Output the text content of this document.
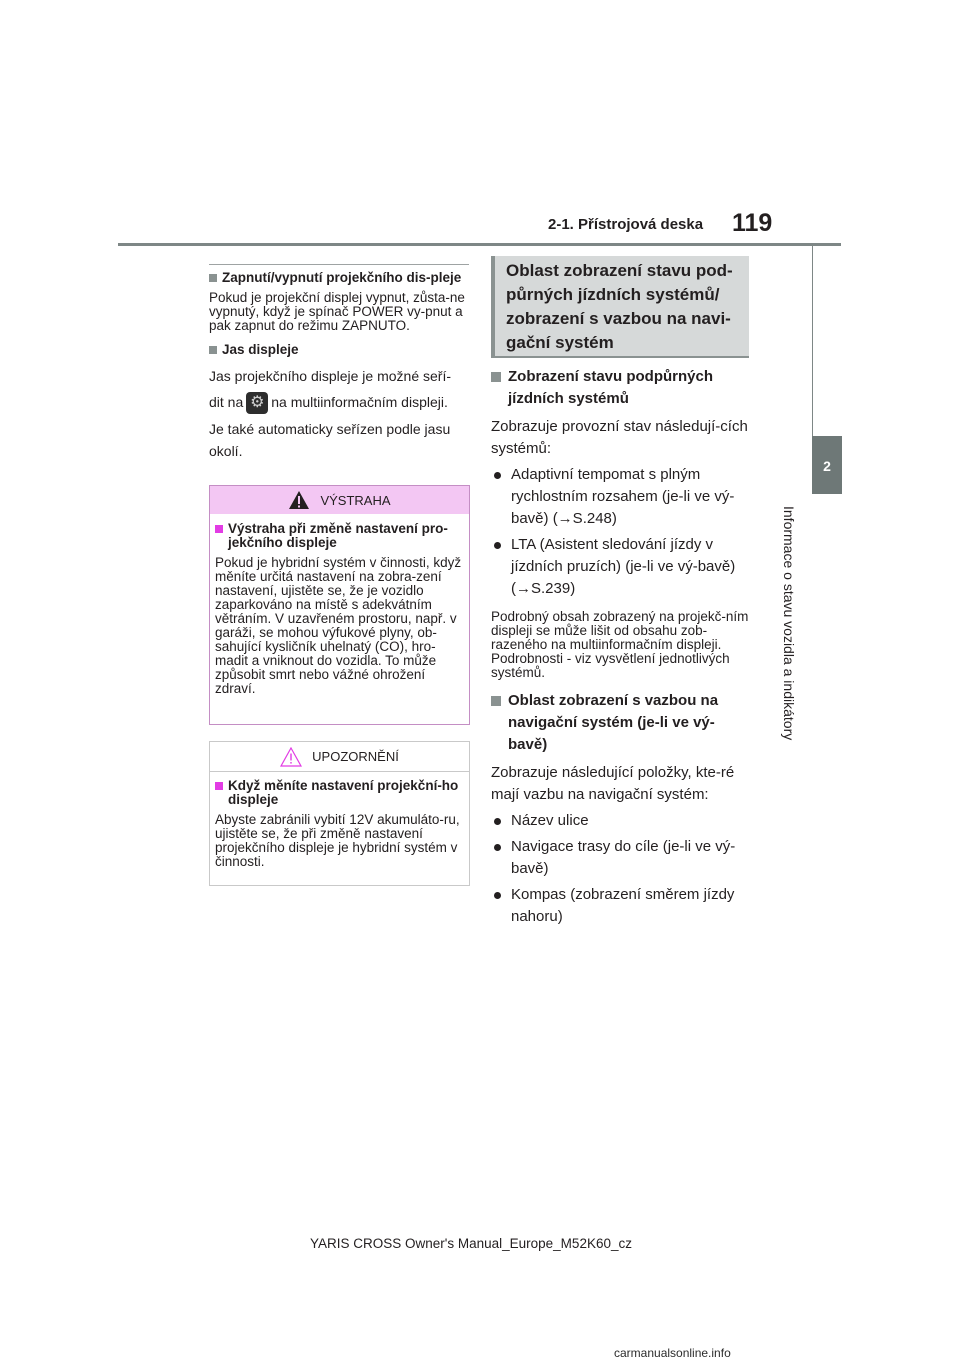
2-1. Přístrojová deska 119
2
Informace o stavu vozidla a indikátory
Zapnutí/vypnutí projekčního dis-pleje

Pokud je projekční displej vypnut, zůsta-ne vypnutý, když je spínač POWER vy-pnut a pak zapnut do režimu ZAPNUTO.

Jas displeje

Jas projekčního displeje je možné seří-

dit na⚙ na multiinformačním displeji.

Je také automaticky seřízen podle jasu okolí.

VÝSTRAHA
Výstraha při změně nastavení pro-jekčního displeje

Pokud je hybridní systém v činnosti, když měníte určitá nastavení na zobra-zení nastavení, ujistěte se, že je vozidlo zaparkováno na místě s adekvátním větráním. V uzavřeném prostoru, např. v garáži, se mohou výfukové plyny, ob-sahující kysličník uhelnatý (CO), hro-madit a vniknout do vozidla. To může způsobit smrt nebo vážné ohrožení zdraví.

UPOZORNĚNÍ
Když měníte nastavení projekční-ho displeje

Abyste zabránili vybití 12V akumuláto-ru, ujistěte se, že při změně nastavení projekčního displeje je hybridní systém v činnosti.

Oblast zobrazení stavu pod-
půrných jízdních systémů/
zobrazení s vazbou na navi-
gační systém
Zobrazení stavu podpůrných jízdních systémů

Zobrazuje provozní stav následují-cích systémů:

Adaptivní tempomat s plným rychlostním rozsahem (je-li ve vý-bavě) (→S.248)
LTA (Asistent sledování jízdy v jízdních pruzích) (je-li ve vý-bavě) (→S.239)

Podrobný obsah zobrazený na projekč-ním displeji se může lišit od obsahu zob-razeného na multiinformačním displeji. Podrobnosti - viz vysvětlení jednotlivých systémů.

Oblast zobrazení s vazbou na navigační systém (je-li ve vý-bavě)

Zobrazuje následující položky, kte-ré mají vazbu na navigační systém:

Název ulice
Navigace trasy do cíle (je-li ve vý-bavě)
Kompas (zobrazení směrem jízdy nahoru)
YARIS CROSS Owner's Manual_Europe_M52K60_cz
carmanualsonline.info
